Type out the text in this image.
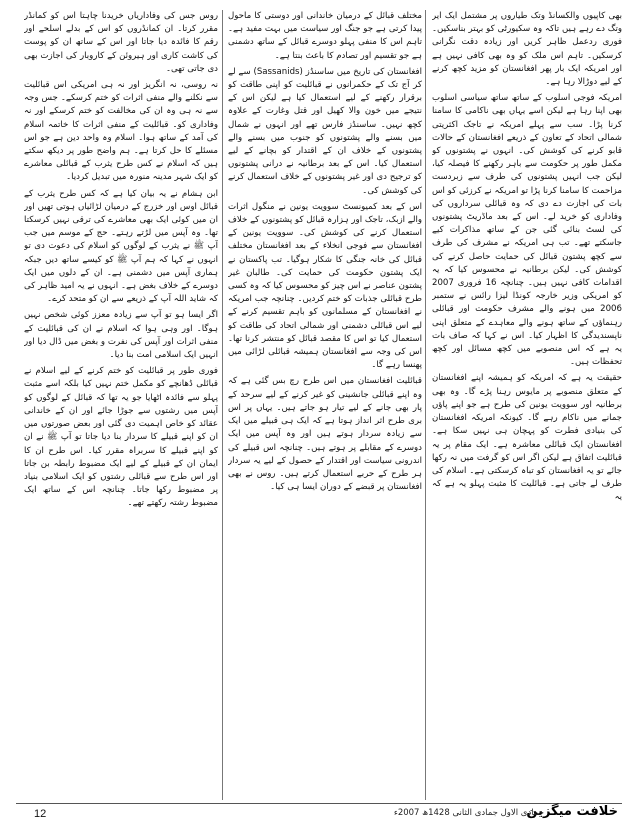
بھی کاپیوں والکسانڈ وتک طیاروں پر مشتمل ایک ایر وتگ دے رہے ہیں تاکہ وہ سکیورٹی کو بہتر بناسکیں۔ فوری ردعمل ظاہر کریں اور زیادہ دقت نگرانی کرسکیں۔ تاہم اس ملک کو وہ بھی کافی نہیں ہے اور امریکہ ایک بار پھر افغانستان کو مزید کچھ کرنے کے لیے دوڑالا رہا ہے۔

امریکہ فوجی اسلوب کے ساتھ ساتھ سیاسی اسلوب بھی اپنا رہا ہے لیکن اسے یہاں بھی ناکامی کا سامنا کرنا پڑا۔ سب سے پہلے امریکہ نے تاجک اکثریتی شمالی اتحاد کے تعاون کے ذریعے افغانستان کے حالات قابو کرنے کی کوشش کی۔ انہوں نے پشتونوں کو مکمل طور پر حکومت سے باہر رکھنے کا فیصلہ کیا، لیکن جب انہیں پشتونوں کی طرف سے زبردست مزاحمت کا سامنا کرنا پڑا تو امریکہ نے کرزئی کو اس بات کی اجازت دے دی کہ وہ قبائلی سرداروں کی وفاداری کو خرید لے۔ اس کے بعد ماڈریٹ پشتونوں کی لسٹ بنائی گئی جن کے ساتھ مذاکرات کیے جاسکتے تھے۔ تب ہی امریکہ نے مشرف کی طرف سے کچھ پشتون قبائل کی حمایت حاصل کرنے کی کوشش کی۔ لیکن برطانیہ نے محسوس کیا کہ یہ اقدامات کافی نہیں ہیں۔ چنانچہ 16 فروری 2007 کو امریکی وزیر خارجہ کونڈا لیزا رائس نے ستمبر 2006 میں ہونے والے مشرف حکومت اور قبائلی رہنماؤں کے ساتھ ہونے والے معاہدے کے متعلق اپنی ناپسندیدگی کا اظہار کیا۔ اس نے کہا کہ صاف بات یہ ہے کہ اس منصوبے میں کچھ مسائل اور کچھ تحفظات ہیں۔

حقیقت یہ ہے کہ امریکہ کو ہمیشہ اپنے افغانستان کے متعلق منصوبے پر مایوس رہنا پڑے گا۔ وہ بھی برطانیہ اور سوویت یونین کی طرح ہے جو اپنے پاؤں جمانے میں ناکام رہے گا۔ کیونکہ امریکہ افغانستان کی بنیادی فطرت کو پہچان ہی نہیں سکا ہے۔ افغانستان ایک قبائلی معاشرہ ہے۔ ایک مقام پر یہ قبائلیت اتفاق ہے لیکن اگر اس کو گرفت میں نہ رکھا جائے تو یہ افغانستان کو تباہ کرسکتی ہے۔ اسلام کی طرف لے جاتی ہے۔ قبائلیت کا مثبت پہلو یہ ہے کہ یہ

مختلف قبائل کے درمیان خاندانی اور دوستی کا ماحول پیدا کرتی ہے جو جنگ اور سیاست میں بہت مفید ہے۔ تاہم اس کا منفی پہلو دوسرے قبائل کے ساتھ دشمنی ہے جو تقسیم اور تصادم کا باعث بنتا ہے۔

افغانستان کی تاریخ میں ساسنڈز (Sassanids) سے لے کر آج تک کے حکمرانوں نے قبائلیت کو اپنی طاقت کو برقرار رکھنے کے لیے استعمال کیا ہے لیکن اس کے نتیجے میں خون والا کھیل اور قتل وغارت کے علاوہ کچھ نہیں۔ ساسنڈز فارس تھے اور انہوں نے شمال میں بسنے والے پشتونوں کو جنوب میں بسنے والے پشتونوں کے خلاف ان کے اقتدار کو بچانے کے لیے استعمال کیا۔ اس کے بعد برطانیہ نے درانی پشتونوں کو ترجیح دی اور غیر پشتونوں کے خلاف استعمال کرنے کی کوشش کی۔

اس کے بعد کمیونسٹ سوویت یونین نے منگول اثرات والے ازبک، تاجک اور ہزارہ قبائل کو پشتونوں کے خلاف استعمال کرنے کی کوشش کی۔ سوویت یونین کے افغانستان سے فوجی انخلاء کے بعد افغانستان مختلف قبائل کی خانہ جنگی کا شکار ہوگیا۔ تب پاکستان نے ایک پشتون حکومت کی حمایت کی۔ طالبان غیر پشتون عناصر نے اس چیز کو محسوس کیا کہ وہ کسی طرح قبائلی جذبات کو ختم کردیں۔ چنانچہ جب امریکہ نے افغانستان کے مسلمانوں کو باہم تقسیم کرنے کے لیے اس قبائلی دشمنی اور شمالی اتحاد کی طاقت کو استعمال کیا تو اس کا مقصد قبائل کو منتشر کرنا تھا۔ اس کی وجہ سے افغانستان ہمیشہ قبائلی لڑائی میں پھنسا رہے گا۔

قبائلیت افغانستان میں اس طرح رچ بس گئی ہے کہ وہ اپنے قبائلی جانشینی کو غیر کرنے کے لیے سرحد کے پار بھی جانے کے لیے تیار ہو جاتے ہیں۔ یہاں پر اس بری طرح اثر انداز ہوتا ہے کہ ایک ہی قبیلے میں ایک سے زیادہ سردار ہوتے ہیں اور وہ آپس میں ایک دوسرے کے مقابلے پر ہوتے ہیں۔ چنانچہ اس قبیلے کی اندرونی سیاست اور اقتدار کے حصول کے لیے یہ سردار ہر طرح کے حربے استعمال کرتے ہیں۔ روس نے بھی افغانستان پر قبضے کے دوران ایسا ہی کیا۔

روس جس کی وفاداریاں خریدنا چاہتا اس کو کمانڈر مقرر کرتا۔ ان کمانڈروں کو اس کے بدلے اسلحے اور رقم کا فائدہ دیا جاتا اور اس کے ساتھ ان کو پوست کی کاشت کاری اور ہیروئن کے کاروبار کی اجازت بھی دی جاتی تھی۔

نہ روسی، نہ انگریز اور نہ ہی امریکی اس قبائلیت سے نکلنے والے منفی اثرات کو ختم کرسکے۔ جس وجہ سے نہ ہی وہ ان کی مخالفت کو ختم کرسکے اور نہ وفاداری کو۔ قبائلیت کے منفی اثرات کا خاتمہ اسلام کی آمد کے ساتھ ہوا۔ اسلام وہ واحد دین ہے جو اس مسئلے کا حل کرتا ہے۔ ہم واضح طور پر دیکھ سکتے ہیں کہ اسلام نے کس طرح یثرب کے قبائلی معاشرے کو ایک شہر مدینہ منورہ میں تبدیل کردیا۔

ابن ہشام نے یہ بیان کیا ہے کہ کس طرح یثرب کے قبائل اوس اور خزرج کے درمیان لڑائیاں ہوتی تھیں اور ان میں کوئی ایک بھی معاشرے کی ترقی نہیں کرسکتا تھا۔ وہ آپس میں لڑتے رہتے۔ حج کے موسم میں جب آپ ﷺ نے یثرب کے لوگوں کو اسلام کی دعوت دی تو انہوں نے کہا کہ ہم آپ ﷺ کو کیسے ساتھ دیں جبکہ ہماری آپس میں دشمنی ہے۔ ان کے دلوں میں ایک دوسرے کے خلاف بغض ہے۔ انہوں نے یہ امید ظاہر کی کہ شاید اللہ آپ کے ذریعے سے ان کو متحد کرے۔

اگر ایسا ہو تو آپ سے زیادہ معزز کوئی شخص نہیں ہوگا۔ اور وہی ہوا کہ اسلام نے ان کی قبائلیت کے منفی اثرات اور آپس کی نفرت و بغض میں ڈال دیا اور انہیں ایک اسلامی امت بنا دیا۔

فوری طور پر قبائلیت کو ختم کرنے کے لیے اسلام نے قبائلی ڈھانچے کو مکمل ختم نہیں کیا بلکہ اسے مثبت پہلو سے فائدہ اٹھایا جو یہ تھا کہ قبائل کے لوگوں کو آپس میں رشتوں سے جوڑا جائے اور ان کے خاندانی عقائد کو خاص اہمیت دی گئی اور بعض صورتوں میں ان کو اپنے قبیلے کا سردار بنا دیا جاتا تو آپ ﷺ نے ان کو اپنے قبیلے کا سربراہ مقرر کیا۔ اس طرح ان کا ایمان ان کے قبیلے کے لیے ایک مضبوط رابطہ بن جاتا اور اس طرح سے قبائلی رشتوں کو ایک اسلامی بنیاد پر مضبوط رکھا جاتا۔ چنانچہ اس کے ساتھ ایک مضبوط رشتہ رکھتے تھے۔

خلافت میگزین
جمادی الاول جمادی الثانی 1428ھ 2007ء
12
